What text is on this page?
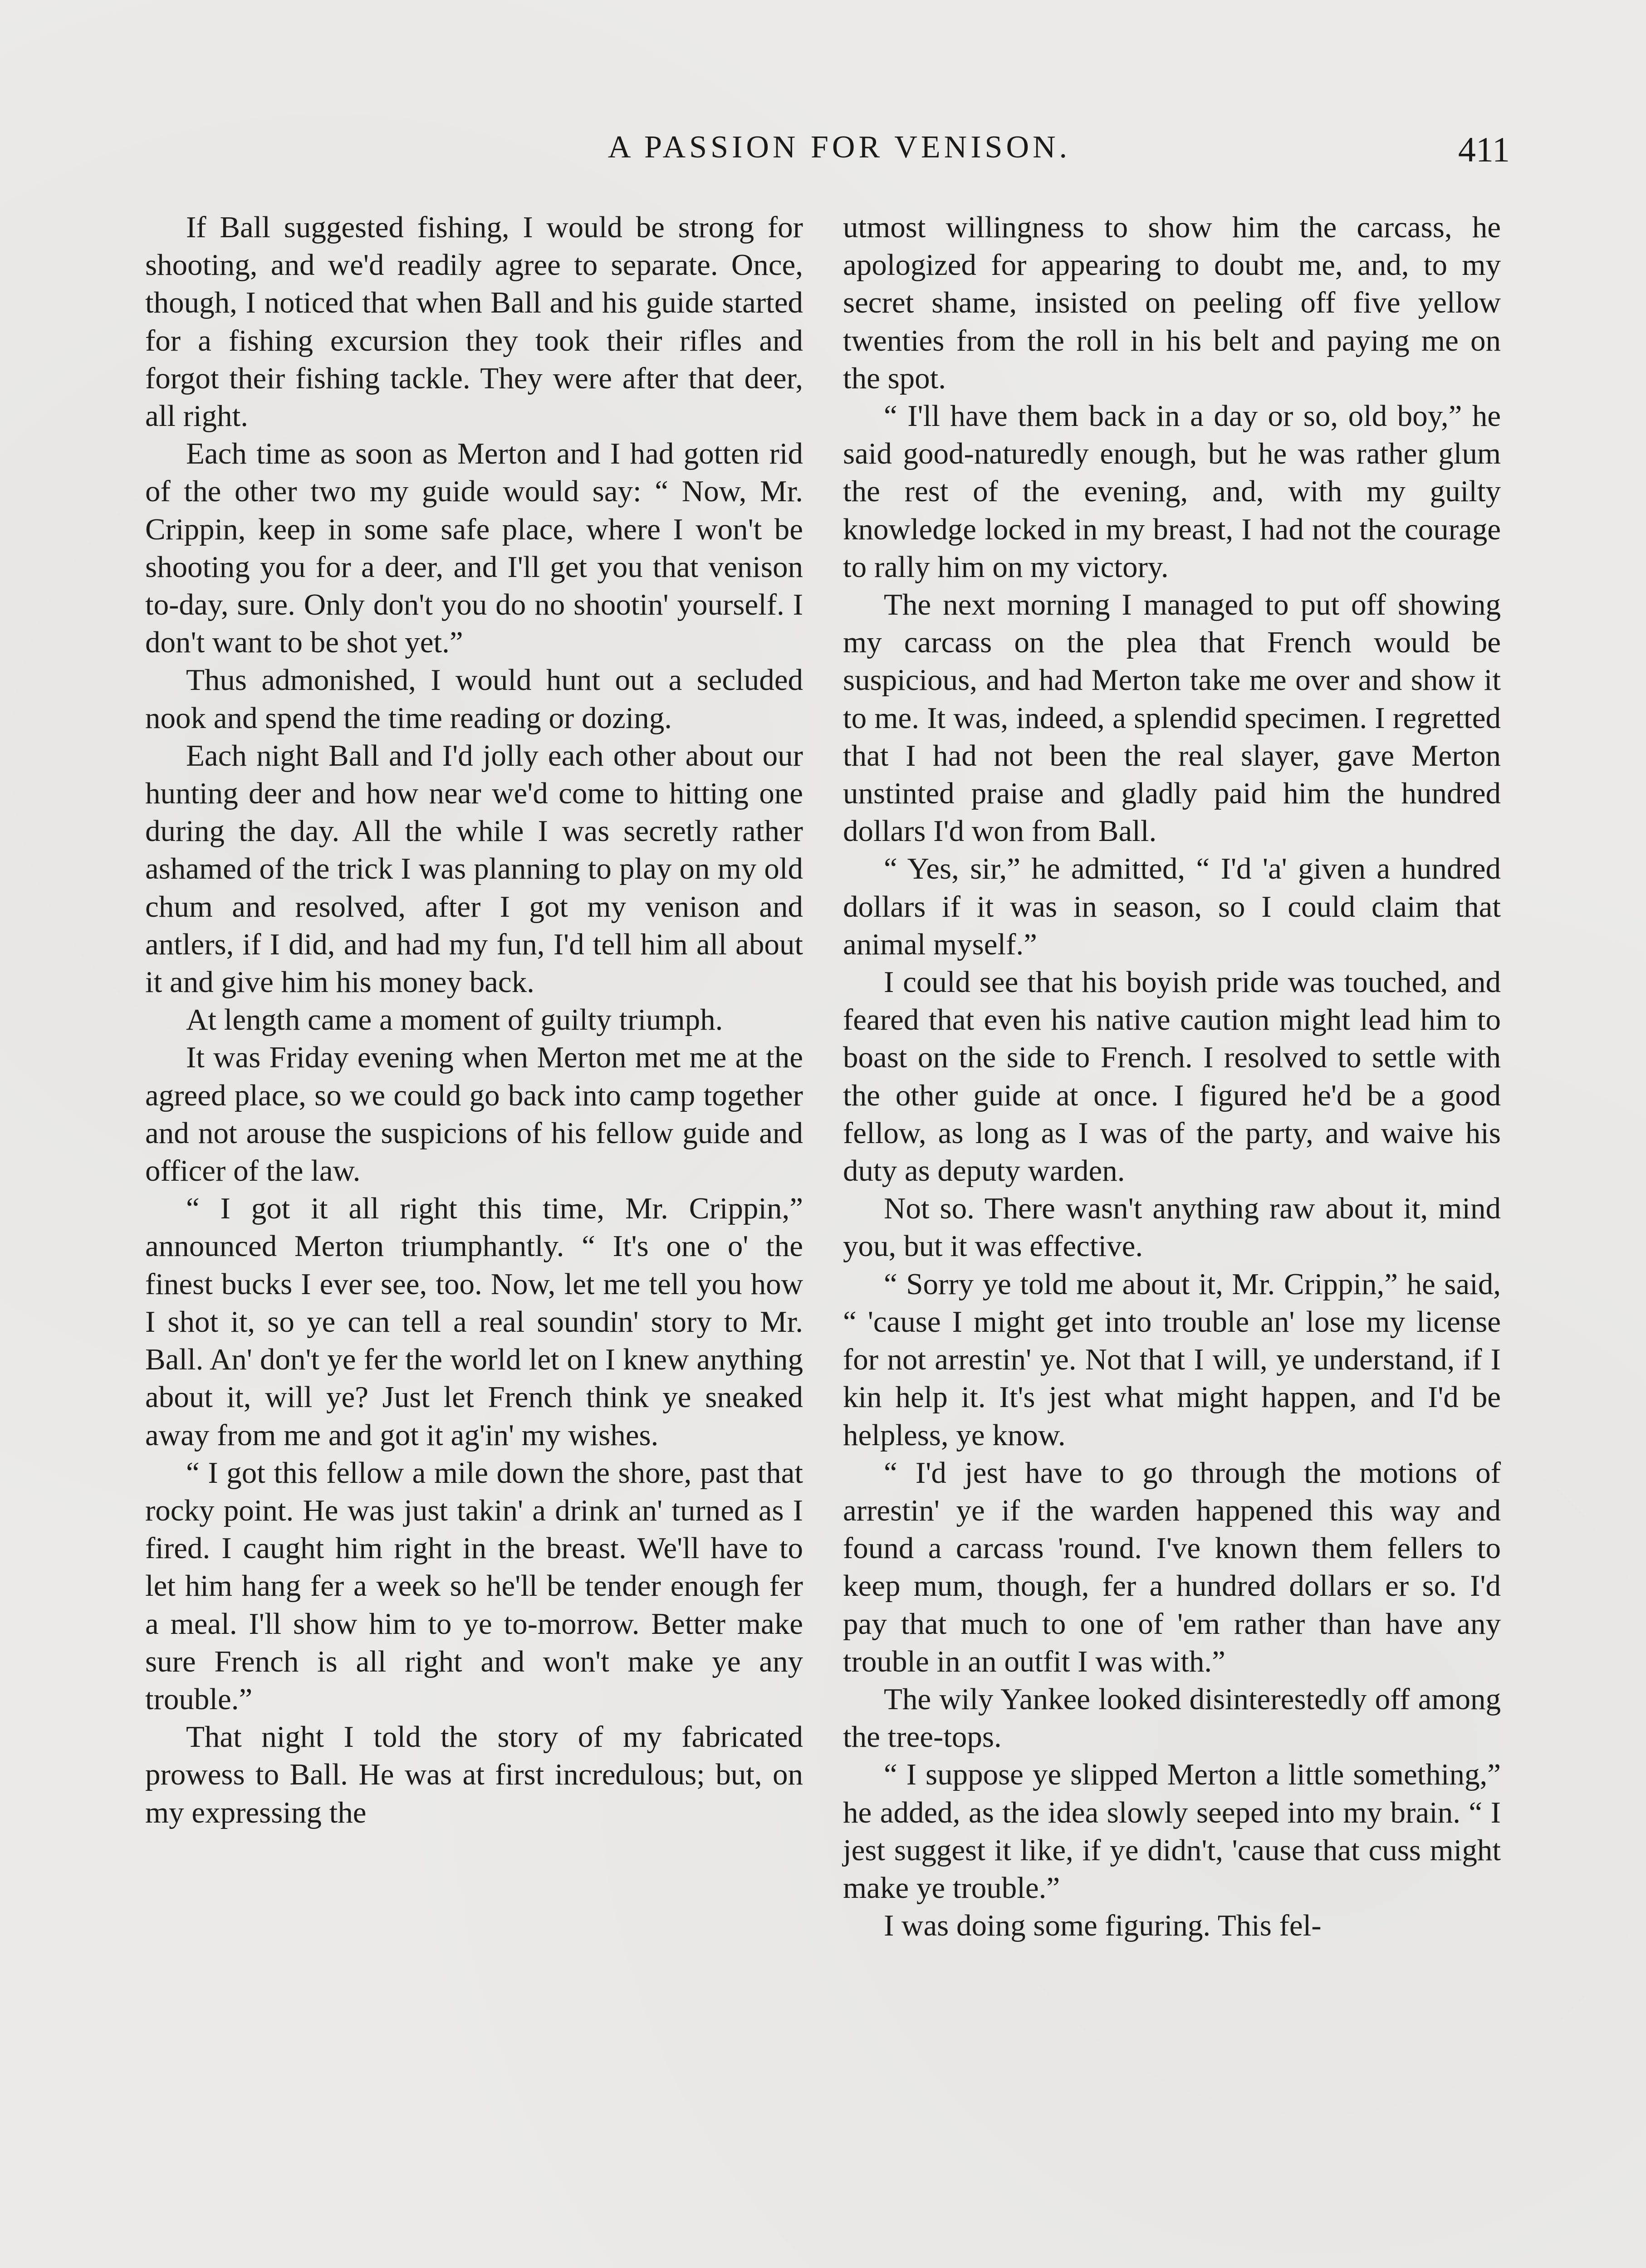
A PASSION FOR VENISON.	411

If Ball suggested fishing, I would be strong for shooting, and we'd readily agree to separate. Once, though, I noticed that when Ball and his guide started for a fishing excursion they took their rifles and forgot their fishing tackle. They were after that deer, all right.

Each time as soon as Merton and I had gotten rid of the other two my guide would say: “ Now, Mr. Crippin, keep in some safe place, where I won't be shooting you for a deer, and I'll get you that venison to-day, sure. Only don't you do no shootin' yourself. I don't want to be shot yet.”

Thus admonished, I would hunt out a secluded nook and spend the time reading or dozing.

Each night Ball and I'd jolly each other about our hunting deer and how near we'd come to hitting one during the day. All the while I was secretly rather ashamed of the trick I was planning to play on my old chum and resolved, after I got my venison and antlers, if I did, and had my fun, I'd tell him all about it and give him his money back.

At length came a moment of guilty triumph.

It was Friday evening when Merton met me at the agreed place, so we could go back into camp together and not arouse the suspicions of his fellow guide and officer of the law.

“ I got it all right this time, Mr. Crippin,” announced Merton triumphantly. “ It's one o' the finest bucks I ever see, too. Now, let me tell you how I shot it, so ye can tell a real soundin' story to Mr. Ball. An' don't ye fer the world let on I knew anything about it, will ye? Just let French think ye sneaked away from me and got it ag'in' my wishes.

“ I got this fellow a mile down the shore, past that rocky point. He was just takin' a drink an' turned as I fired. I caught him right in the breast. We'll have to let him hang fer a week so he'll be tender enough fer a meal. I'll show him to ye to-morrow. Better make sure French is all right and won't make ye any trouble.”

That night I told the story of my fabricated prowess to Ball. He was at first incredulous; but, on my expressing the

utmost willingness to show him the carcass, he apologized for appearing to doubt me, and, to my secret shame, insisted on peeling off five yellow twenties from the roll in his belt and paying me on the spot.

“ I'll have them back in a day or so, old boy,” he said good-naturedly enough, but he was rather glum the rest of the evening, and, with my guilty knowledge locked in my breast, I had not the courage to rally him on my victory.

The next morning I managed to put off showing my carcass on the plea that French would be suspicious, and had Merton take me over and show it to me. It was, indeed, a splendid specimen. I regretted that I had not been the real slayer, gave Merton unstinted praise and gladly paid him the hundred dollars I'd won from Ball.

“ Yes, sir,” he admitted, “ I'd 'a' given a hundred dollars if it was in season, so I could claim that animal myself.”

I could see that his boyish pride was touched, and feared that even his native caution might lead him to boast on the side to French. I resolved to settle with the other guide at once. I figured he'd be a good fellow, as long as I was of the party, and waive his duty as deputy warden.

Not so. There wasn't anything raw about it, mind you, but it was effective.

“ Sorry ye told me about it, Mr. Crippin,” he said, “ 'cause I might get into trouble an' lose my license for not arrestin' ye. Not that I will, ye understand, if I kin help it. It's jest what might happen, and I'd be helpless, ye know.

“ I'd jest have to go through the motions of arrestin' ye if the warden happened this way and found a carcass 'round. I've known them fellers to keep mum, though, fer a hundred dollars er so. I'd pay that much to one of 'em rather than have any trouble in an outfit I was with.”

The wily Yankee looked disinterestedly off among the tree-tops.

“ I suppose ye slipped Merton a little something,” he added, as the idea slowly seeped into my brain. “ I jest suggest it like, if ye didn't, 'cause that cuss might make ye trouble.”

I was doing some figuring. This fel-
